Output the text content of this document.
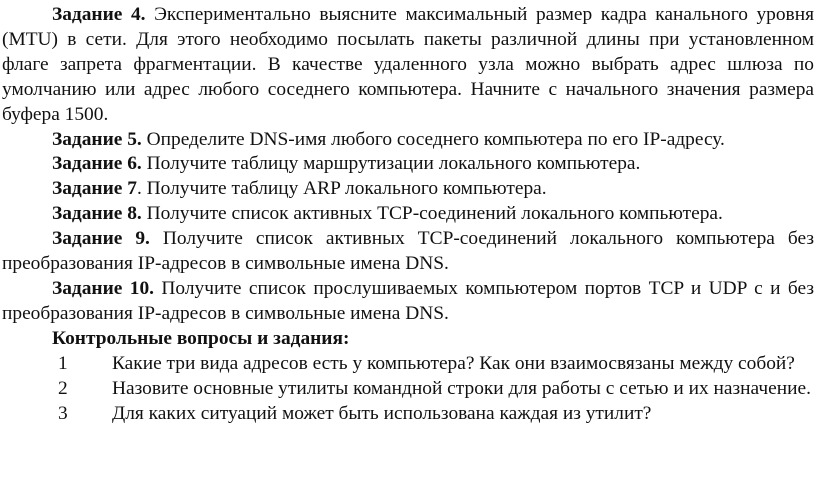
Задание 4. Экспериментально выясните максимальный размер кадра канального уровня (MTU) в сети. Для этого необходимо посылать пакеты различной длины при установленном флаге запрета фрагментации. В качестве удаленного узла можно выбрать адрес шлюза по умолчанию или адрес любого соседнего компьютера. Начните с начального значения размера буфера 1500.

Задание 5. Определите DNS-имя любого соседнего компьютера по его IP-адресу.

Задание 6. Получите таблицу маршрутизации локального компьютера.

Задание 7. Получите таблицу ARP локального компьютера.

Задание 8. Получите список активных TCP-соединений локального компьютера.

Задание 9. Получите список активных TCP-соединений локального компьютера без преобразования IP-адресов в символьные имена DNS.

Задание 10. Получите список прослушиваемых компьютером портов TCP и UDP с и без преобразования IP-адресов в символьные имена DNS.

Контрольные вопросы и задания:

1 Какие три вида адресов есть у компьютера? Как они взаимосвязаны между собой?

2 Назовите основные утилиты командной строки для работы с сетью и их назначение.

3 Для каких ситуаций может быть использована каждая из утилит?
